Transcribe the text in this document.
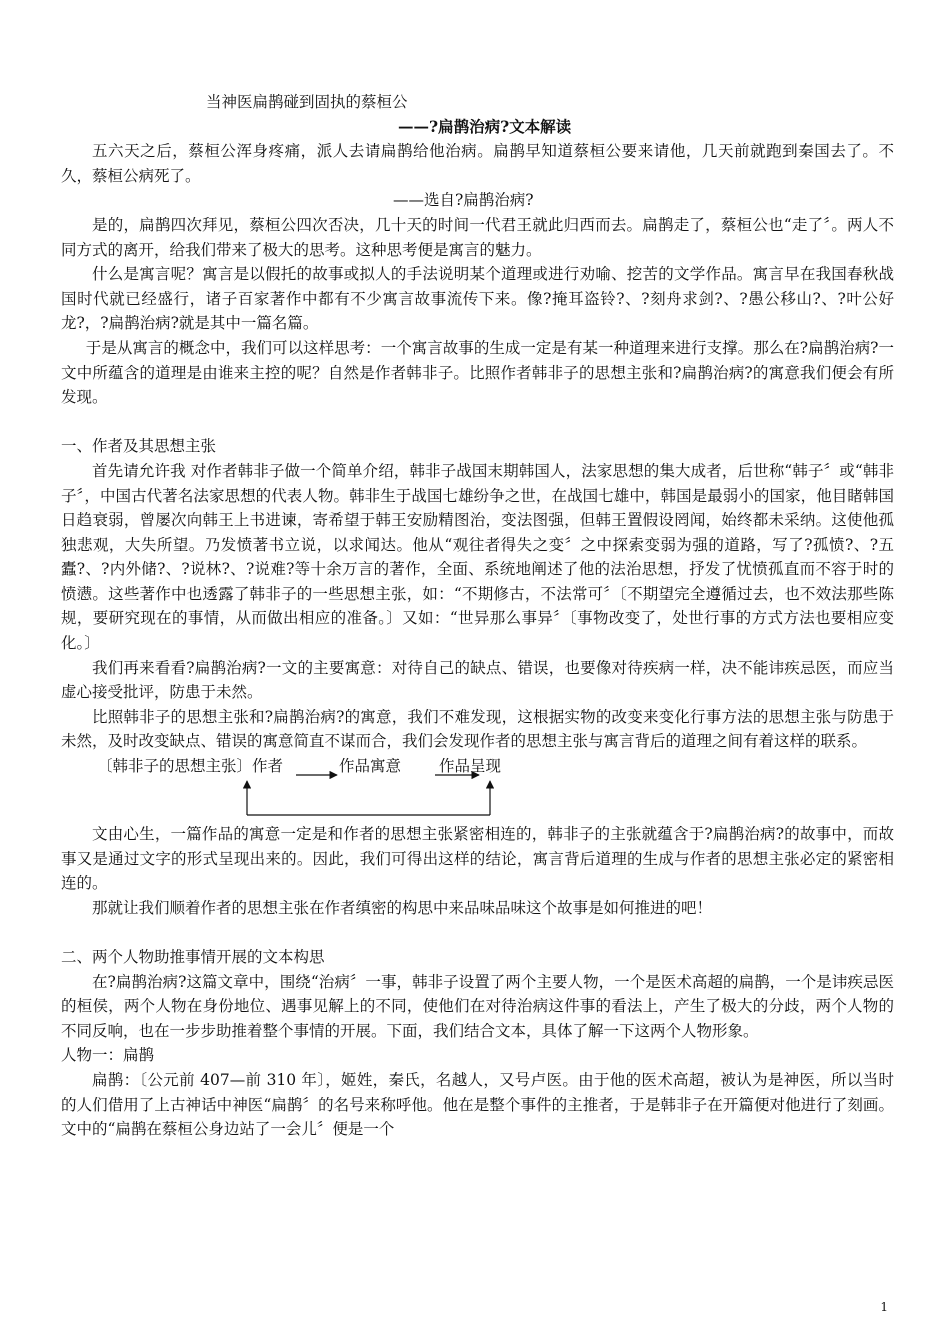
当神医扁鹊碰到固执的蔡桓公

——?扁鹊治病?文本解读

五六天之后，蔡桓公浑身疼痛，派人去请扁鹊给他治病。扁鹊早知道蔡桓公要来请他，几天前就跑到秦国去了。不久，蔡桓公病死了。

——选自?扁鹊治病?

是的，扁鹊四次拜见，蔡桓公四次否决，几十天的时间一代君王就此归西而去。扁鹊走了，蔡桓公也“走了〞。两人不同方式的离开，给我们带来了极大的思考。这种思考便是寓言的魅力。

什么是寓言呢？寓言是以假托的故事或拟人的手法说明某个道理或进行劝喻、挖苦的文学作品。寓言早在我国春秋战国时代就已经盛行，诸子百家著作中都有不少寓言故事流传下来。像?掩耳盗铃?、?刻舟求剑?、?愚公移山?、?叶公好龙?，?扁鹊治病?就是其中一篇名篇。

于是从寓言的概念中，我们可以这样思考：一个寓言故事的生成一定是有某一种道理来进行支撑。那么在?扁鹊治病?一文中所蕴含的道理是由谁来主控的呢？自然是作者韩非子。比照作者韩非子的思想主张和?扁鹊治病?的寓意我们便会有所发现。

一、作者及其思想主张

首先请允许我 对作者韩非子做一个简单介绍，韩非子战国末期韩国人，法家思想的集大成者，后世称“韩子〞或“韩非子〞，中国古代著名法家思想的代表人物。韩非生于战国七雄纷争之世，在战国七雄中，韩国是最弱小的国家，他目睹韩国日趋衰弱，曾屡次向韩王上书进谏，寄希望于韩王安励精图治，变法图强，但韩王置假设罔闻，始终都未采纳。这使他孤独悲观，大失所望。乃发愤著书立说，以求闻达。他从“观往者得失之变〞之中探索变弱为强的道路，写了?孤愤?、?五蠹?、?内外储?、?说林?、?说难?等十余万言的著作，全面、系统地阐述了他的法治思想，抒发了忧愤孤直而不容于时的愤懑。这些著作中也透露了韩非子的一些思想主张，如：“不期修古，不法常可〞〔不期望完全遵循过去，也不效法那些陈规，要研究现在的事情，从而做出相应的准备。〕又如：“世异那么事异〞〔事物改变了，处世行事的方式方法也要相应变化。〕

我们再来看看?扁鹊治病?一文的主要寓意：对待自己的缺点、错误，也要像对待疾病一样，决不能讳疾忌医，而应当虚心接受批评，防患于未然。

比照韩非子的思想主张和?扁鹊治病?的寓意，我们不难发现，这根据实物的改变来变化行事方法的思想主张与防患于未然，及时改变缺点、错误的寓意简直不谋而合，我们会发现作者的思想主张与寓言背后的道理之间有着这样的联系。

〔韩非子的思想主张〕作者	作品寓意 作品呈现

文由心生，一篇作品的寓意一定是和作者的思想主张紧密相连的，韩非子的主张就蕴含于?扁鹊治病?的故事中，而故事又是通过文字的形式呈现出来的。因此，我们可得出这样的结论，寓言背后道理的生成与作者的思想主张必定的紧密相连的。

那就让我们顺着作者的思想主张在作者缜密的构思中来品味品味这个故事是如何推进的吧！

二、两个人物助推事情开展的文本构思

在?扁鹊治病?这篇文章中，围绕“治病〞一事，韩非子设置了两个主要人物，一个是医术高超的扁鹊，一个是讳疾忌医的桓侯，两个人物在身份地位、遇事见解上的不同，使他们在对待治病这件事的看法上，产生了极大的分歧，两个人物的不同反响，也在一步步助推着整个事情的开展。下面，我们结合文本，具体了解一下这两个人物形象。

人物一：扁鹊

扁鹊：〔公元前 407—前 310 年〕，姬姓，秦氏，名越人，又号卢医。由于他的医术高超，被认为是神医，所以当时的人们借用了上古神话中神医“扁鹊〞的名号来称呼他。他在是整个事件的主推者，于是韩非子在开篇便对他进行了刻画。文中的“扁鹊在蔡桓公身边站了一会儿〞便是一个

1
